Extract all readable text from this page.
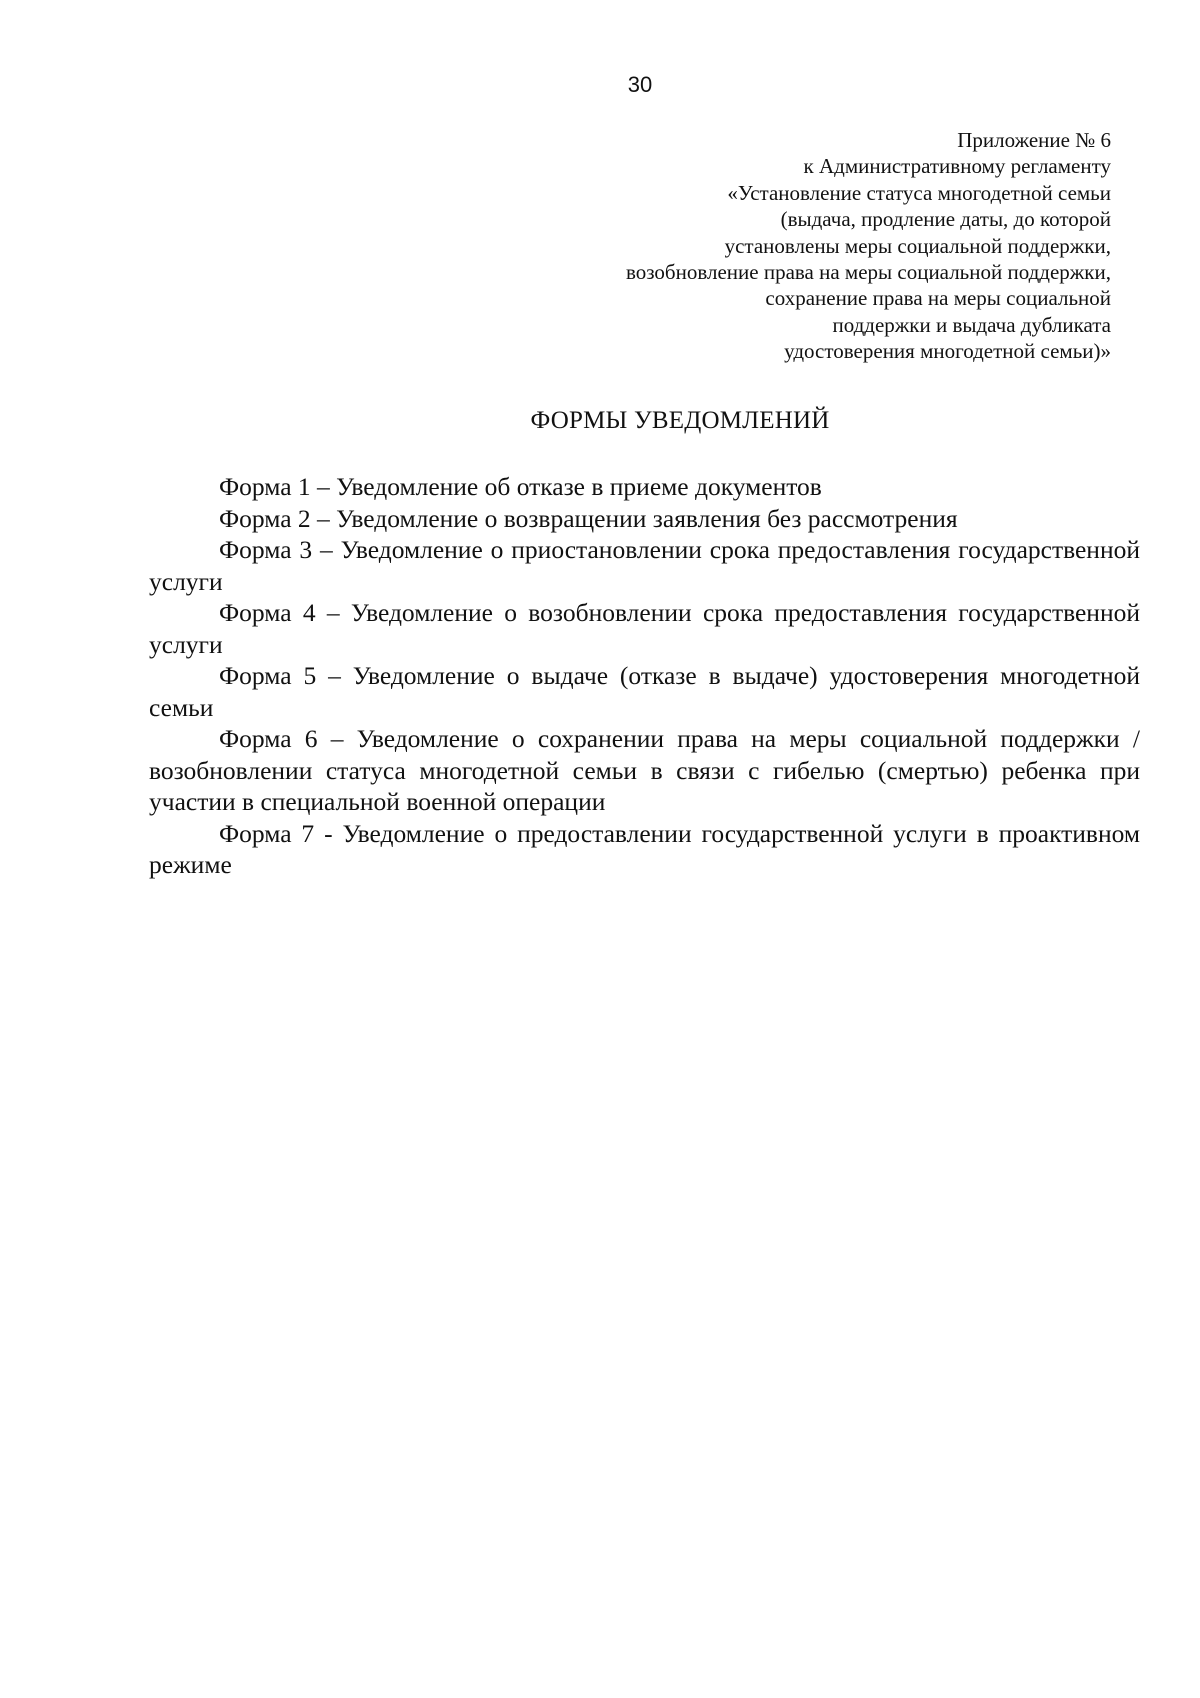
30
Приложение № 6
к Административному регламенту
«Установление статуса многодетной семьи
(выдача, продление даты, до которой
установлены меры социальной поддержки,
возобновление права на меры социальной поддержки,
сохранение права на меры социальной
поддержки и выдача дубликата
удостоверения многодетной семьи)»
ФОРМЫ УВЕДОМЛЕНИЙ

Форма 1 – Уведомление об отказе в приеме документов

Форма 2 – Уведомление о возвращении заявления без рассмотрения

Форма 3 – Уведомление о приостановлении срока предоставления государственной услуги

Форма 4 – Уведомление о возобновлении срока предоставления государственной услуги

Форма 5 – Уведомление о выдаче (отказе в выдаче) удостоверения многодетной семьи

Форма 6 – Уведомление о сохранении права на меры социальной поддержки / возобновлении статуса многодетной семьи в связи с гибелью (смертью) ребенка при участии в специальной военной операции

Форма 7 - Уведомление о предоставлении государственной услуги в проактивном режиме
